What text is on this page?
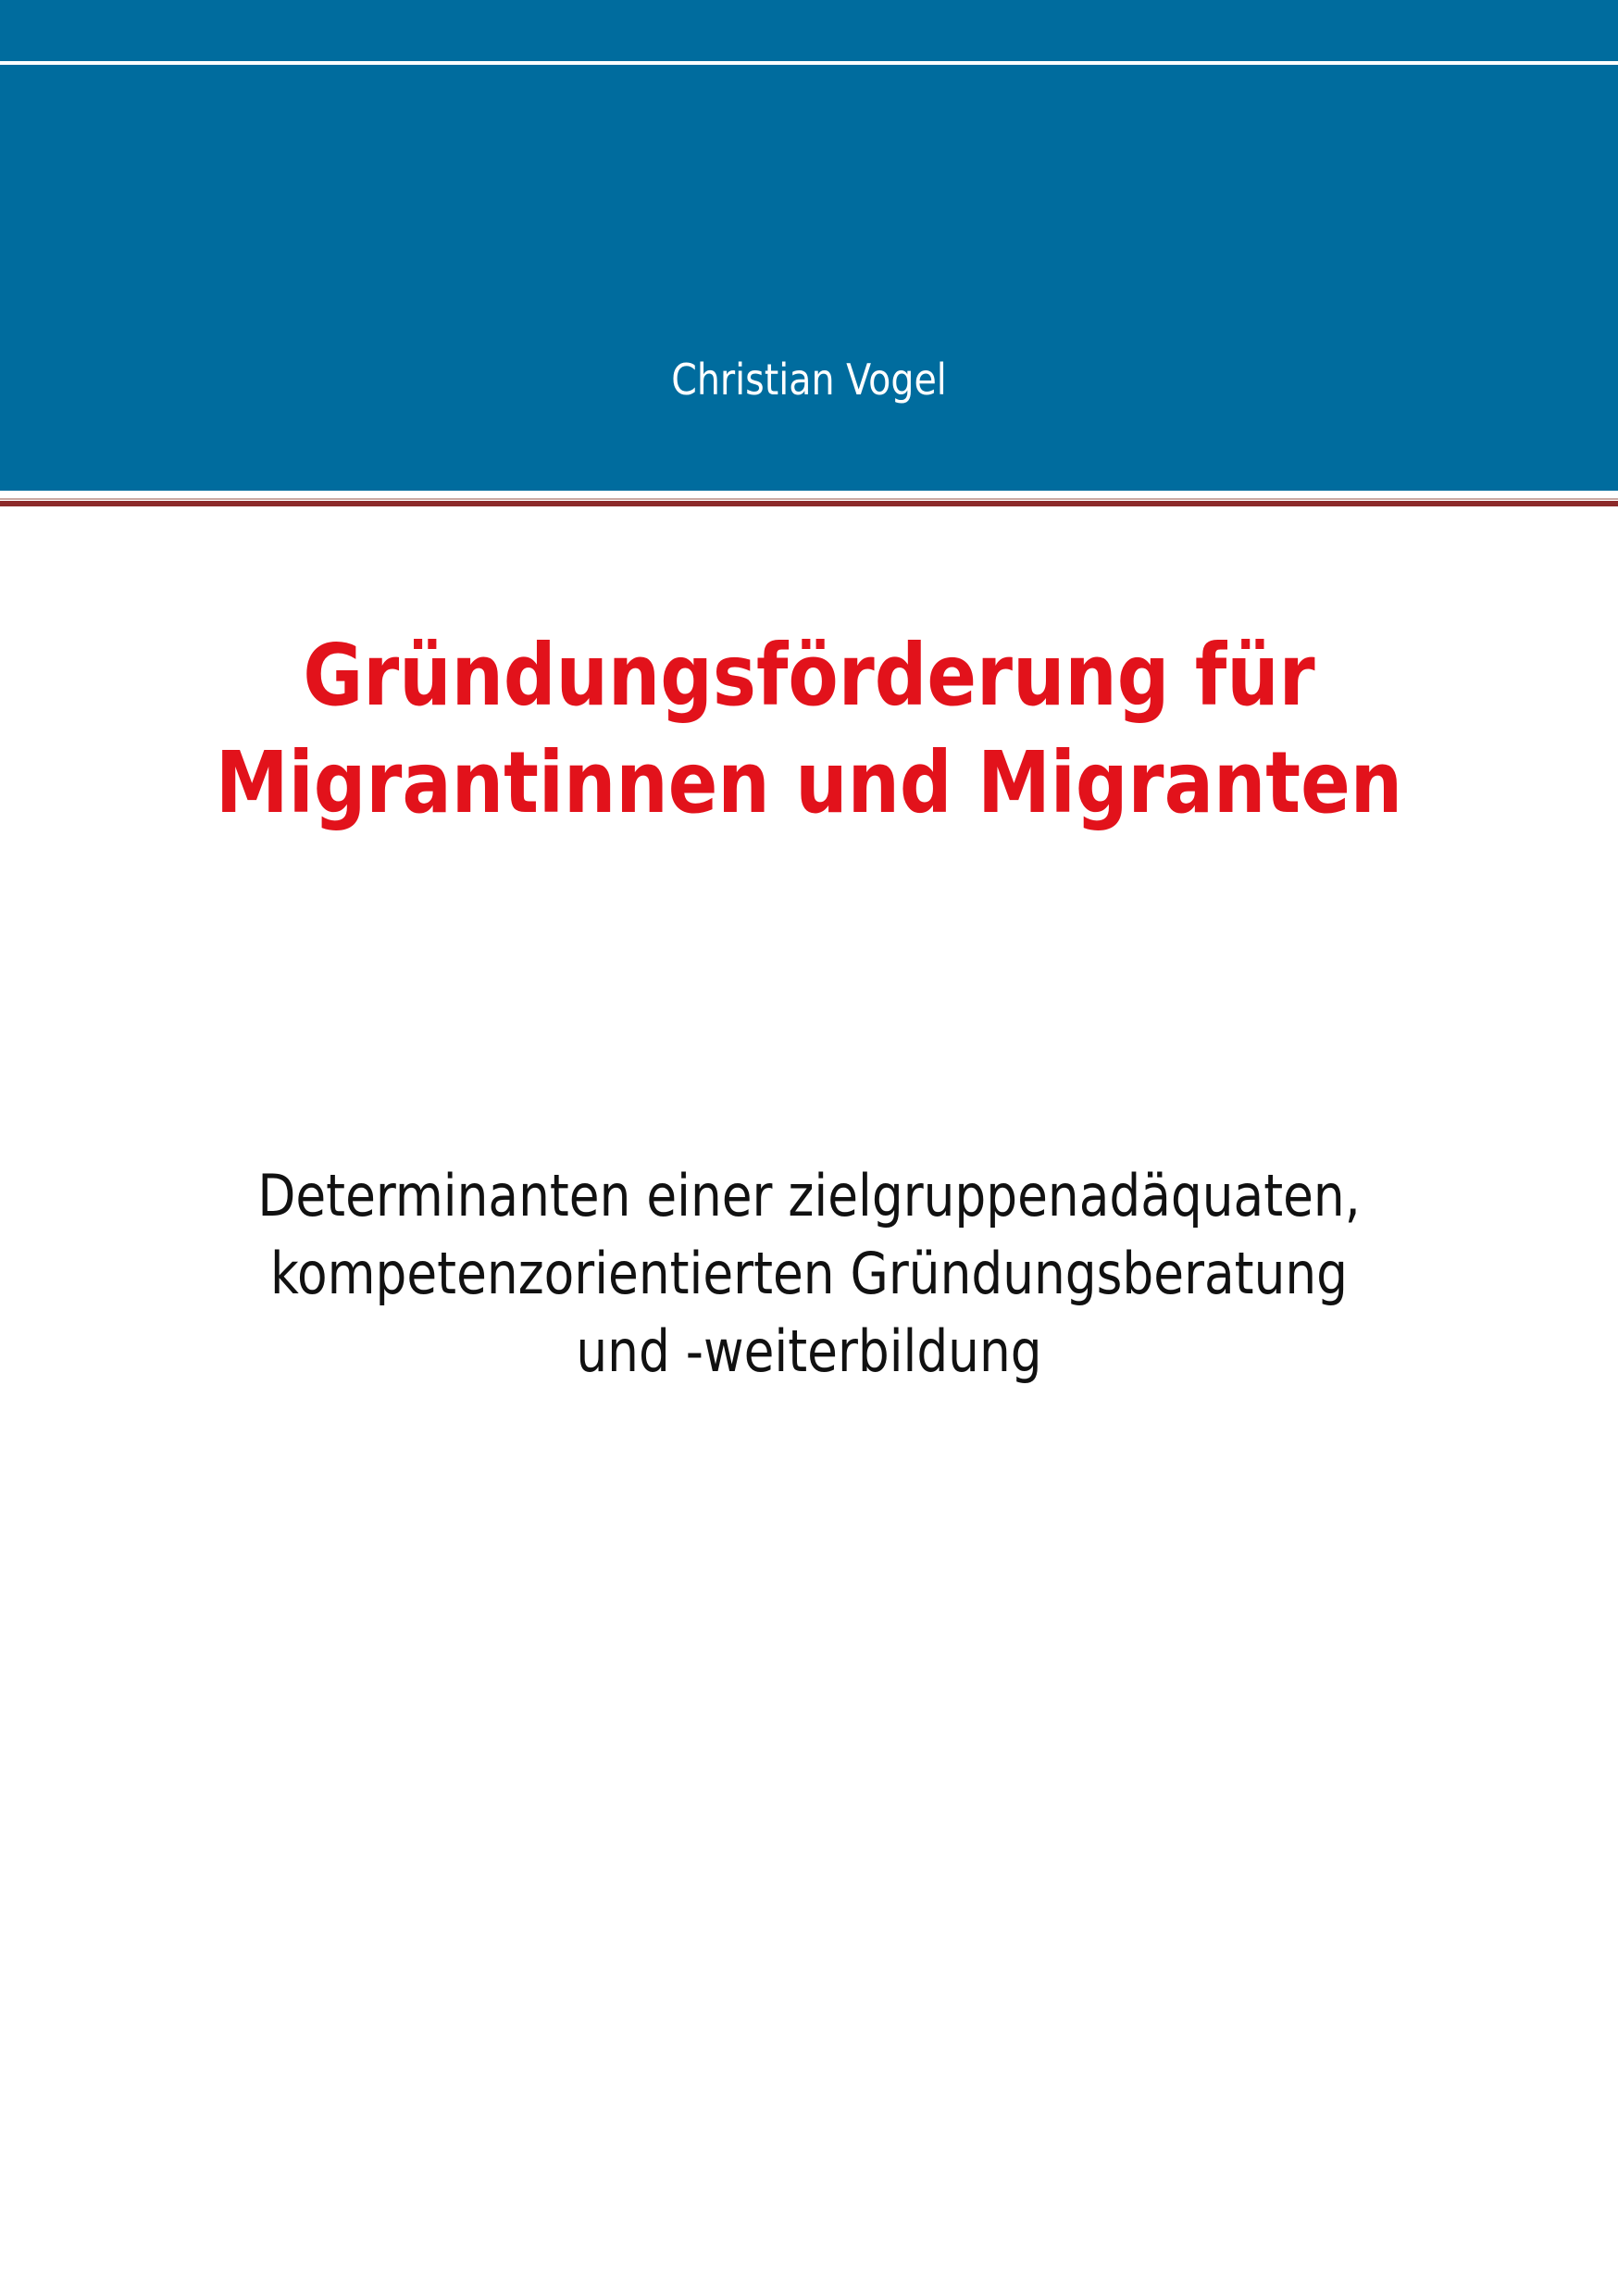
Christian Vogel
Gründungsförderung für
Migrantinnen und Migranten
Determinanten einer zielgruppenadäquaten,
kompetenzorientierten Gründungsberatung
und -weiterbildung
